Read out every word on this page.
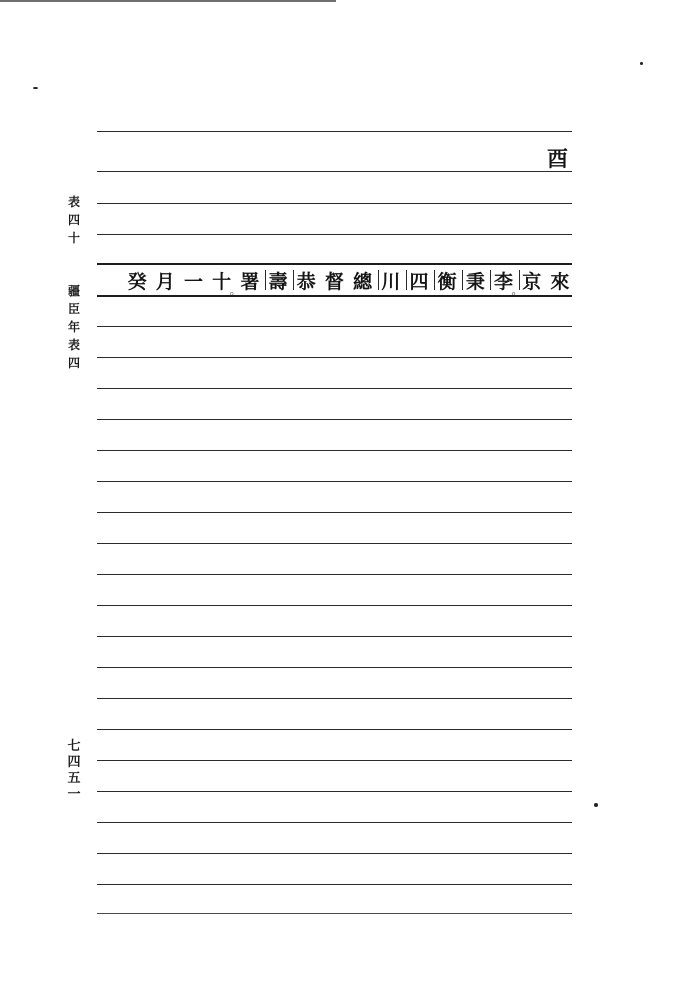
表
四
十
疆
臣
年
表
四
七
四
五
一
酉
來
京 。
李
秉
衡
四
川
總
督
恭
壽
署 。
十
一
月
癸
